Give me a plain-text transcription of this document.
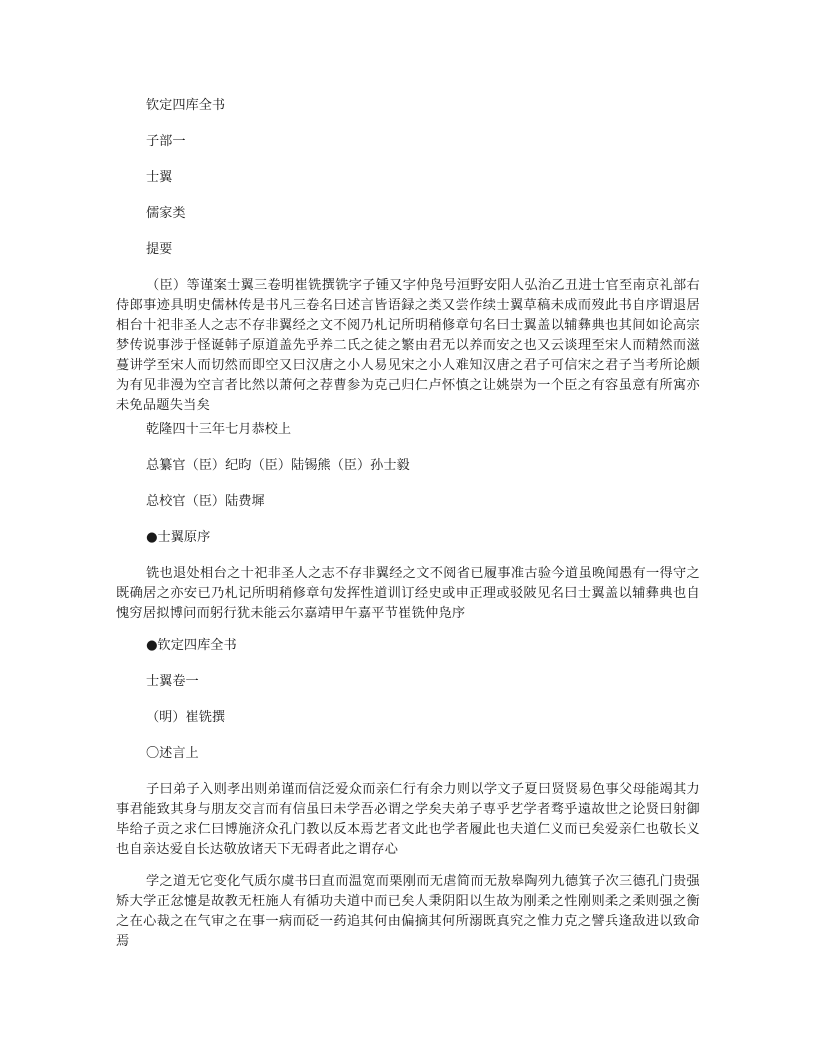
钦定四库全书
子部一
士翼
儒家类
提要
（臣）等谨案士翼三卷明崔铣撰铣字子锺又字仲凫号洹野安阳人弘治乙丑进士官至南京礼部右侍郎事迹具明史儒林传是书凡三卷名曰述言皆语録之类又尝作续士翼草稿未成而歿此书自序谓退居相台十祀非圣人之志不存非翼经之文不阅乃札记所明稍修章句名曰士翼盖以辅彝典也其间如论高宗梦传说事涉于怪诞韩子原道盖先乎养二氏之徒之繁由君无以养而安之也又云谈理至宋人而精然而滋蔓讲学至宋人而切然而即空又曰汉唐之小人易见宋之小人难知汉唐之君子可信宋之君子当考所论颇为有见非漫为空言者比然以萧何之荐曹参为克己归仁卢怀慎之让姚崇为一个臣之有容虽意有所寓亦未免品题失当矣
乾隆四十三年七月恭校上
总纂官（臣）纪昀（臣）陆锡熊（臣）孙士毅
总校官（臣）陆费墀
●士翼原序
铣也退处相台之十祀非圣人之志不存非翼经之文不阅省已履事准古验今道虽晚闻愚有一得守之既确居之亦安已乃札记所明稍修章句发挥性道训订经史或申正理或驳陂见名曰士翼盖以辅彝典也自愧穷居拟博问而躬行犹未能云尔嘉靖甲午嘉平节崔铣仲凫序
●钦定四库全书
士翼卷一
（明）崔铣撰
〇述言上
子曰弟子入则孝出则弟谨而信泛爱众而亲仁行有余力则以学文子夏曰贤贤易色事父母能竭其力事君能致其身与朋友交言而有信虽曰未学吾必谓之学矣夫弟子専乎艺学者骛乎遠故世之论贤曰射御毕给子贡之求仁曰博施济众孔门教以反本焉艺者文此也学者履此也夫道仁义而已矣爱亲仁也敬长义也自亲达爱自长达敬放诸天下无碍者此之谓存心
学之道无它变化气质尔虞书曰直而温宽而栗刚而无虐简而无敖皋陶列九德箕子次三德孔门贵强矫大学正忿懥是故教无枉施人有循功夫道中而已矣人秉阴阳以生故为刚柔之性刚则柔之柔则强之衡之在心裁之在气审之在事一病而砭一药追其何由偏摘其何所溺既真究之惟力克之譬兵逢敌进以致命焉
